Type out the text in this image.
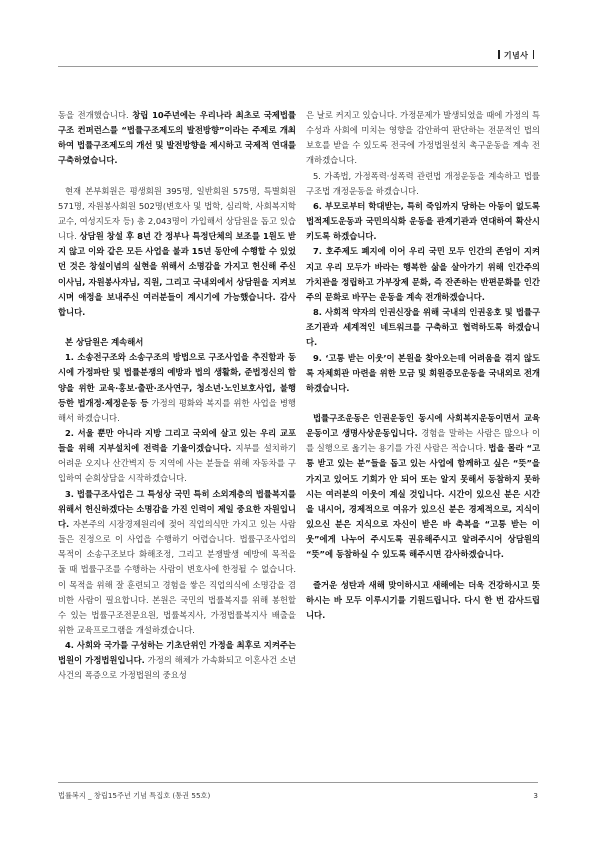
기념사

동을 전개했습니다. 창립 10주년에는 우리나라 최초로 국제법률구조 컨퍼런스를 “법률구조제도의 발전방향”이라는 주제로 개최하여 법률구조제도의 개선 및 발전방향을 제시하고 국제적 연대를 구축하였습니다.

현재 본부회원은 평생회원 395명, 일반회원 575명, 특별회원 571명, 자원봉사회원 502명(변호사 및 법학, 심리학, 사회복지학 교수, 여성지도자 등) 총 2,043명이 가입해서 상담원을 돕고 있습니다. 상담원 창설 후 8년 간 정부나 특정단체의 보조를 1원도 받지 않고 이와 같은 모든 사업을 불과 15년 동안에 수행할 수 있었던 것은 창설이념의 실현을 위해서 소명감을 가지고 헌신해 주신 이사님, 자원봉사자님, 직원, 그리고 국내외에서 상담원을 지켜보시며 애정을 보내주신 여러분들이 계시기에 가능했습니다. 감사합니다.

본 상담원은 계속해서

1. 소송전구조와 소송구조의 방법으로 구조사업을 추진함과 동시에 가정파탄 및 법률분쟁의 예방과 법의 생활화, 준법정신의 함양을 위한 교육·홍보·출판·조사연구, 청소년·노인보호사업, 불행등한 법개정·제정운동 등 가정의 평화와 복지를 위한 사업을 병행해서 하겠습니다.

2. 서울 뿐만 아니라 지방 그리고 국외에 살고 있는 우리 교포들을 위해 지부설치에 전력을 기울이겠습니다. 지부를 설치하기 어려운 오지나 산간벽지 등 지역에 사는 분들을 위해 자동차를 구입하여 순회상담을 시작하겠습니다.

3. 법률구조사업은 그 특성상 국민 특히 소외계층의 법률복지를 위해서 헌신하겠다는 소명감을 가진 인력이 제일 중요한 자원입니다. 자본주의 시장경제원리에 젖어 직업의식만 가지고 있는 사람들은 진정으로 이 사업을 수행하기 어렵습니다. 법률구조사업의 목적이 소송구조보다 화해조정, 그리고 분쟁발생 예방에 목적을 둘 때 법률구조를 수행하는 사람이 변호사에 한정될 수 없습니다. 이 목적을 위해 잘 훈련되고 경험을 쌓은 직업의식에 소명감을 겸비한 사람이 필요합니다. 본원은 국민의 법률복지를 위해 봉헌할 수 있는 법률구조전문요원, 법률복지사, 가정법률복지사 배출을 위한 교육프로그램을 개설하겠습니다.

4. 사회와 국가를 구성하는 기초단위인 가정을 최후로 지켜주는 법원이 가정법원입니다. 가정의 해체가 가속화되고 이혼사건 소년사건의 폭증으로 가정법원의 중요성

은 날로 커지고 있습니다. 가정문제가 발생되었을 때에 가정의 특수성과 사회에 미치는 영향을 감안하여 판단하는 전문적인 법의 보호를 받을 수 있도록 전국에 가정법원설치 촉구운동을 계속 전개하겠습니다.

5. 가족법, 가정폭력·성폭력 관련법 개정운동을 계속하고 법률구조법 개정운동을 하겠습니다.

6. 부모로부터 학대받는, 특히 죽임까지 당하는 아동이 없도록 법적제도운동과 국민의식화 운동을 관계기관과 연대하여 확산시키도록 하겠습니다.

7. 호주제도 폐지에 이어 우리 국민 모두 인간의 존엄이 지켜지고 우리 모두가 바라는 행복한 삶을 살아가기 위해 인간주의 가치관을 정립하고 가부장제 문화, 즉 잔존하는 반편문화를 인간주의 문화로 바꾸는 운동을 계속 전개하겠습니다.

8. 사회적 약자의 인권신장을 위해 국내의 인권옹호 및 법률구조기관과 세계적인 네트워크를 구축하고 협력하도록 하겠습니다.

9. ‘고통 받는 이웃’이 본원을 찾아오는데 어려움을 겪지 않도록 자체회관 마련을 위한 모금 및 회원증모운동을 국내외로 전개하겠습니다.

법률구조운동은 인권운동인 동시에 사회복지운동이면서 교육운동이고 생명사상운동입니다. 경험을 말하는 사람은 많으나 이를 실행으로 옮기는 용기를 가진 사람은 적습니다. 법을 몰라 “고통 받고 있는 분”들을 돕고 있는 사업에 함께하고 싶은 “뜻”을 가지고 있어도 기회가 안 되어 또는 알지 못해서 동참하지 못하시는 여러분의 이웃이 계실 것입니다. 시간이 있으신 분은 시간을 내시어, 경제적으로 여유가 있으신 분은 경제적으로, 지식이 있으신 분은 지식으로 자신이 받은 바 축복을 “고통 받는 이웃”에게 나누어 주시도록 권유해주시고 알려주시어 상담원의 “뜻”에 동참하실 수 있도록 해주시면 감사하겠습니다.

즐거운 성탄과 새해 맞이하시고 새해에는 더욱 건강하시고 뜻 하시는 바 모두 이루시기를 기원드립니다. 다시 한 번 감사드립니다.

법률복지 _ 창립15주년 기념 특집호 (통권 55호)	3
